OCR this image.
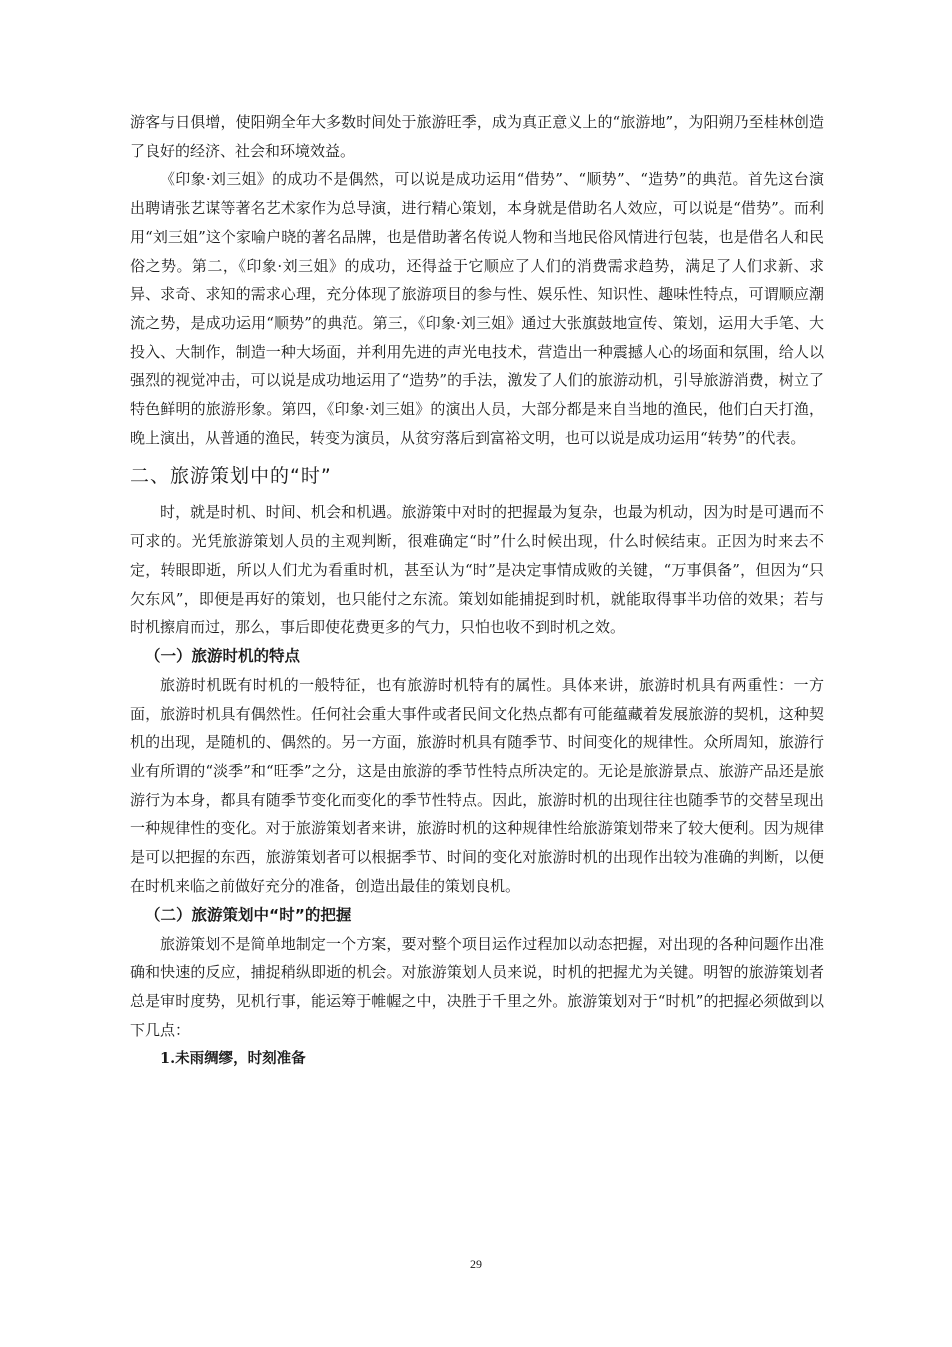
游客与日俱增，使阳朔全年大多数时间处于旅游旺季，成为真正意义上的“旅游地”，为阳朔乃至桂林创造了良好的经济、社会和环境效益。

《印象·刘三姐》的成功不是偶然，可以说是成功运用“借势”、“顺势”、“造势”的典范。首先这台演出聘请张艺谋等著名艺术家作为总导演，进行精心策划，本身就是借助名人效应，可以说是“借势”。而利用“刘三姐”这个家喻户晓的著名品牌，也是借助著名传说人物和当地民俗风情进行包装，也是借名人和民俗之势。第二，《印象·刘三姐》的成功，还得益于它顺应了人们的消费需求趋势，满足了人们求新、求异、求奇、求知的需求心理，充分体现了旅游项目的参与性、娱乐性、知识性、趣味性特点，可谓顺应潮流之势，是成功运用“顺势”的典范。第三，《印象·刘三姐》通过大张旗鼓地宣传、策划，运用大手笔、大投入、大制作，制造一种大场面，并利用先进的声光电技术，营造出一种震撼人心的场面和氛围，给人以强烈的视觉冲击，可以说是成功地运用了“造势”的手法，激发了人们的旅游动机，引导旅游消费，树立了特色鲜明的旅游形象。第四，《印象·刘三姐》的演出人员，大部分都是来自当地的渔民，他们白天打渔，晚上演出，从普通的渔民，转变为演员，从贫穷落后到富裕文明，也可以说是成功运用“转势”的代表。

二、旅游策划中的“时”

时，就是时机、时间、机会和机遇。旅游策中对时的把握最为复杂，也最为机动，因为时是可遇而不可求的。光凭旅游策划人员的主观判断，很难确定“时”什么时候出现，什么时候结束。正因为时来去不定，转眼即逝，所以人们尤为看重时机，甚至认为“时”是决定事情成败的关键，“万事俱备”，但因为“只欠东风”，即便是再好的策划，也只能付之东流。策划如能捕捉到时机，就能取得事半功倍的效果；若与时机擦肩而过，那么，事后即使花费更多的气力，只怕也收不到时机之效。

（一）旅游时机的特点

旅游时机既有时机的一般特征，也有旅游时机特有的属性。具体来讲，旅游时机具有两重性：一方面，旅游时机具有偶然性。任何社会重大事件或者民间文化热点都有可能蕴藏着发展旅游的契机，这种契机的出现，是随机的、偶然的。另一方面，旅游时机具有随季节、时间变化的规律性。众所周知，旅游行业有所谓的“淡季”和“旺季”之分，这是由旅游的季节性特点所决定的。无论是旅游景点、旅游产品还是旅游行为本身，都具有随季节变化而变化的季节性特点。因此，旅游时机的出现往往也随季节的交替呈现出一种规律性的变化。对于旅游策划者来讲，旅游时机的这种规律性给旅游策划带来了较大便利。因为规律是可以把握的东西，旅游策划者可以根据季节、时间的变化对旅游时机的出现作出较为准确的判断，以便在时机来临之前做好充分的准备，创造出最佳的策划良机。

（二）旅游策划中“时”的把握

旅游策划不是简单地制定一个方案，要对整个项目运作过程加以动态把握，对出现的各种问题作出准确和快速的反应，捕捉稍纵即逝的机会。对旅游策划人员来说，时机的把握尤为关键。明智的旅游策划者总是审时度势，见机行事，能运筹于帷幄之中，决胜于千里之外。旅游策划对于“时机”的把握必须做到以下几点：

1.未雨绸缪，时刻准备
29
